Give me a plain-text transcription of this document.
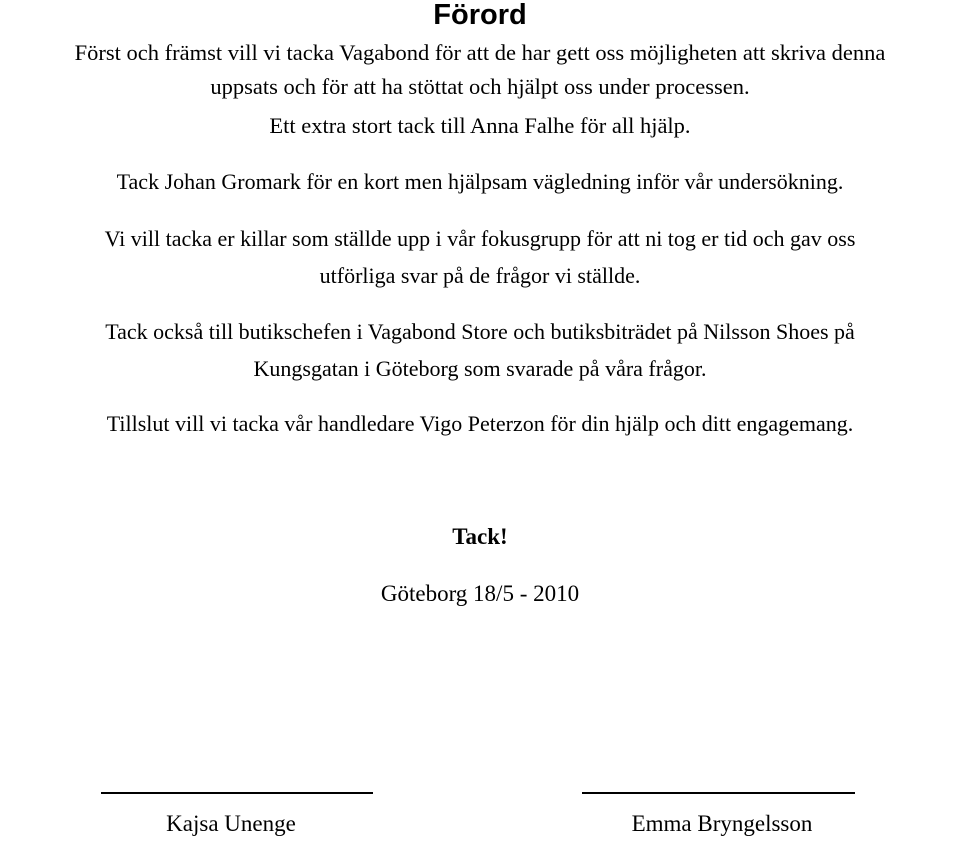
Förord

Först och främst vill vi tacka Vagabond för att de har gett oss möjligheten att skriva denna
uppsats och för att ha stöttat och hjälpt oss under processen.

Ett extra stort tack till Anna Falhe för all hjälp.

Tack Johan Gromark för en kort men hjälpsam vägledning inför vår undersökning.

Vi vill tacka er killar som ställde upp i vår fokusgrupp för att ni tog er tid och gav oss
utförliga svar på de frågor vi ställde.

Tack också till butikschefen i Vagabond Store och butiksbiträdet på Nilsson Shoes på
Kungsgatan i Göteborg som svarade på våra frågor.

Tillslut vill vi tacka vår handledare Vigo Peterzon för din hjälp och ditt engagemang.

Tack!
Göteborg 18/5 - 2010
Kajsa Unenge	Emma Bryngelsson
